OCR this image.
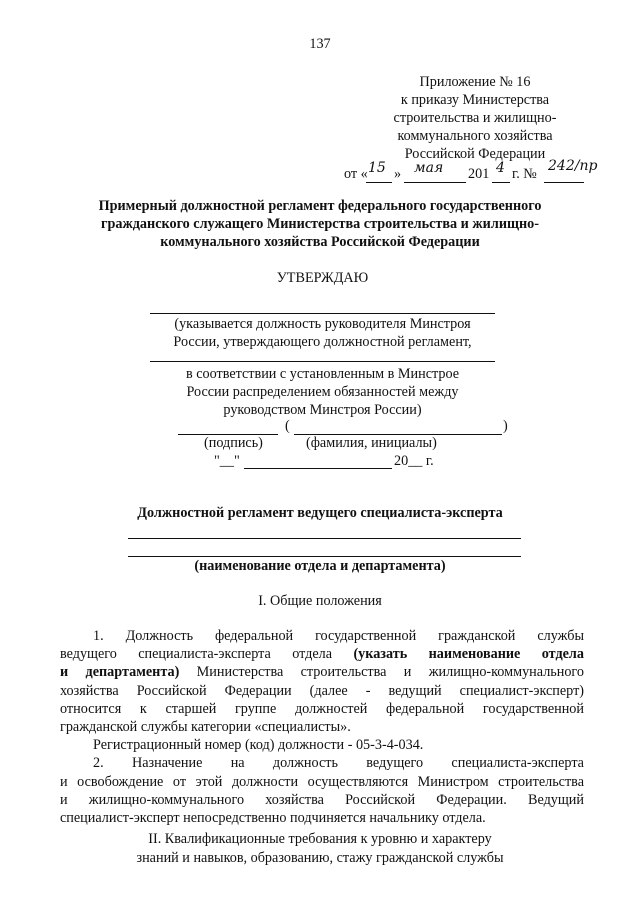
137
Приложение № 16
к приказу Министерства
строительства и жилищно-
коммунального хозяйства
Российской Федерации
от « 15 » мая 201 4 г. № 242/пр
Примерный должностной регламент федерального государственного
гражданского служащего Министерства строительства и жилищно-
коммунального хозяйства Российской Федерации
УТВЕРЖДАЮ
(указывается должность руководителя Минстроя
России, утверждающего должностной регламент,
в соответствии с установленным в Минстрое
России распределением обязанностей между
руководством Минстроя России)
(	)
(подпись)	(фамилия, инициалы)
"__"	20__ г.
Должностной регламент ведущего специалиста-эксперта
(наименование отдела и департамента)
I. Общие положения
1. Должность федеральной государственной гражданской службы
ведущего специалиста-эксперта отдела (указать наименование отдела
и департамента) Министерства строительства и жилищно-коммунального
хозяйства Российской Федерации (далее - ведущий специалист-эксперт)
относится к старшей группе должностей федеральной государственной
гражданской службы категории «специалисты».
Регистрационный номер (код) должности - 05-3-4-034.
2. Назначение на должность ведущего специалиста-эксперта
и освобождение от этой должности осуществляются Министром строительства
и жилищно-коммунального хозяйства Российской Федерации. Ведущий
специалист-эксперт непосредственно подчиняется начальнику отдела.
II. Квалификационные требования к уровню и характеру
знаний и навыков, образованию, стажу гражданской службы
